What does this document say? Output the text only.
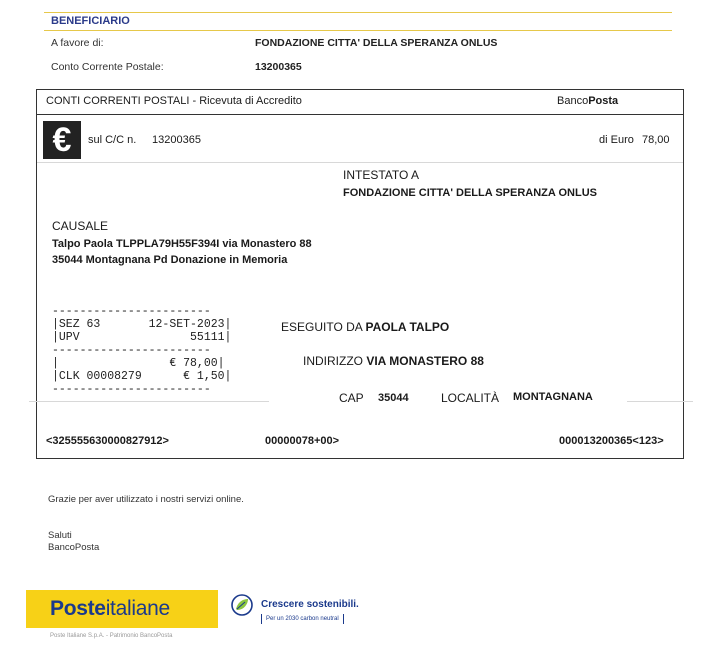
BENEFICIARIO
A favore di:	FONDAZIONE CITTA' DELLA SPERANZA ONLUS
Conto Corrente Postale:	13200365
CONTI CORRENTI POSTALI - Ricevuta di Accredito	BancoPosta
€	sul C/C n. 13200365	di Euro 78,00
INTESTATO A
FONDAZIONE CITTA' DELLA SPERANZA ONLUS
CAUSALE
Talpo Paola TLPPLA79H55F394I via Monastero 88
35044 Montagnana Pd Donazione in Memoria
-----------------------
|SEZ 63       12-SET-2023|
|UPV                55111|
-----------------------
|                € 78,00|
|CLK 00008279      € 1,50|
-----------------------
ESEGUITO DA PAOLA TALPO
INDIRIZZO VIA MONASTERO 88
CAP 35044	LOCALITÀ MONTAGNANA
<325555630000827912>	00000078+00>	000013200365<123>
Grazie per aver utilizzato i nostri servizi online.
Saluti
BancoPosta
Posteitaliane
Poste Italiane S.p.A. - Patrimonio BancoPosta
Crescere sostenibili.
Per un 2030 carbon neutral
